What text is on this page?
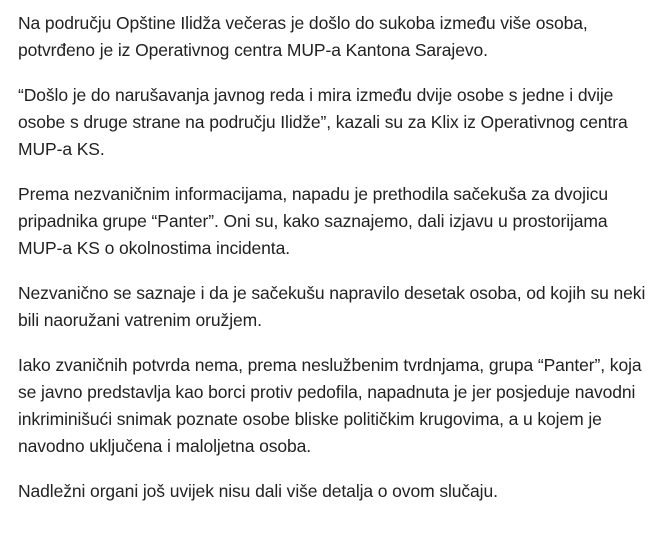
Na području Opštine Ilidža večeras je došlo do sukoba između više osoba, potvrđeno je iz Operativnog centra MUP-a Kantona Sarajevo.

“Došlo je do narušavanja javnog reda i mira između dvije osobe s jedne i dvije osobe s druge strane na području Ilidže”, kazali su za Klix iz Operativnog centra MUP-a KS.

Prema nezvaničnim informacijama, napadu je prethodila sačekuša za dvojicu pripadnika grupe “Panter”. Oni su, kako saznajemo, dali izjavu u prostorijama MUP-a KS o okolnostima incidenta.

Nezvanično se saznaje i da je sačekušu napravilo desetak osoba, od kojih su neki bili naoružani vatrenim oružjem.

Iako zvaničnih potvrda nema, prema neslužbenim tvrdnjama, grupa “Panter”, koja se javno predstavlja kao borci protiv pedofila, napadnuta je jer posjeduje navodni inkriminišući snimak poznate osobe bliske političkim krugovima, a u kojem je navodno uključena i maloljetna osoba.

Nadležni organi još uvijek nisu dali više detalja o ovom slučaju.
